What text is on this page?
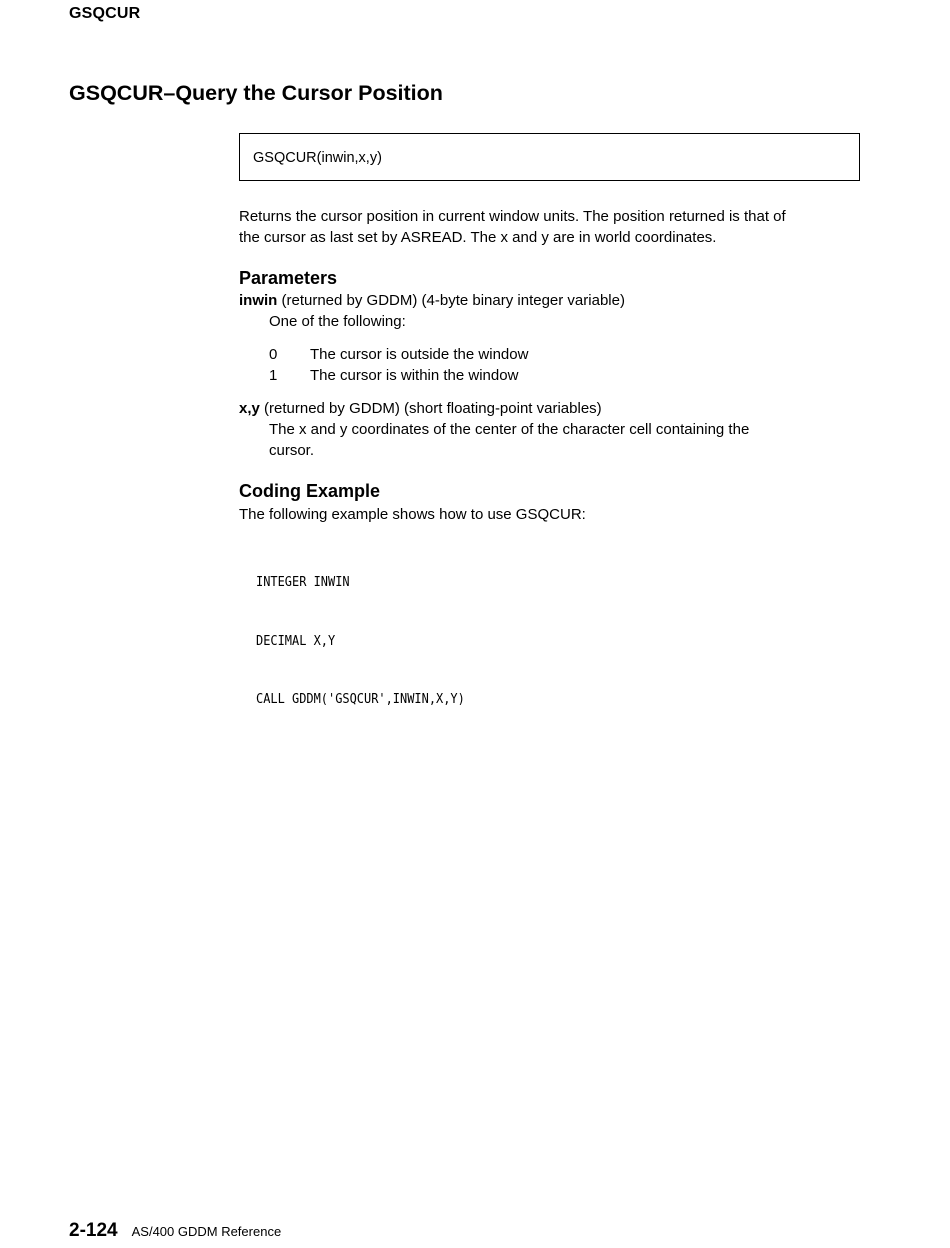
GSQCUR
GSQCUR–Query the Cursor Position
GSQCUR(inwin,x,y)
Returns the cursor position in current window units. The position returned is that of
the cursor as last set by ASREAD. The x and y are in world coordinates.
Parameters
inwin (returned by GDDM) (4-byte binary integer variable)
One of the following:
0 The cursor is outside the window
1 The cursor is within the window
x,y (returned by GDDM) (short floating-point variables)
The x and y coordinates of the center of the character cell containing the
cursor.
Coding Example
The following example shows how to use GSQCUR:

INTEGER INWIN

DECIMAL X,Y

CALL GDDM('GSQCUR',INWIN,X,Y)

2-124 AS/400 GDDM Reference
